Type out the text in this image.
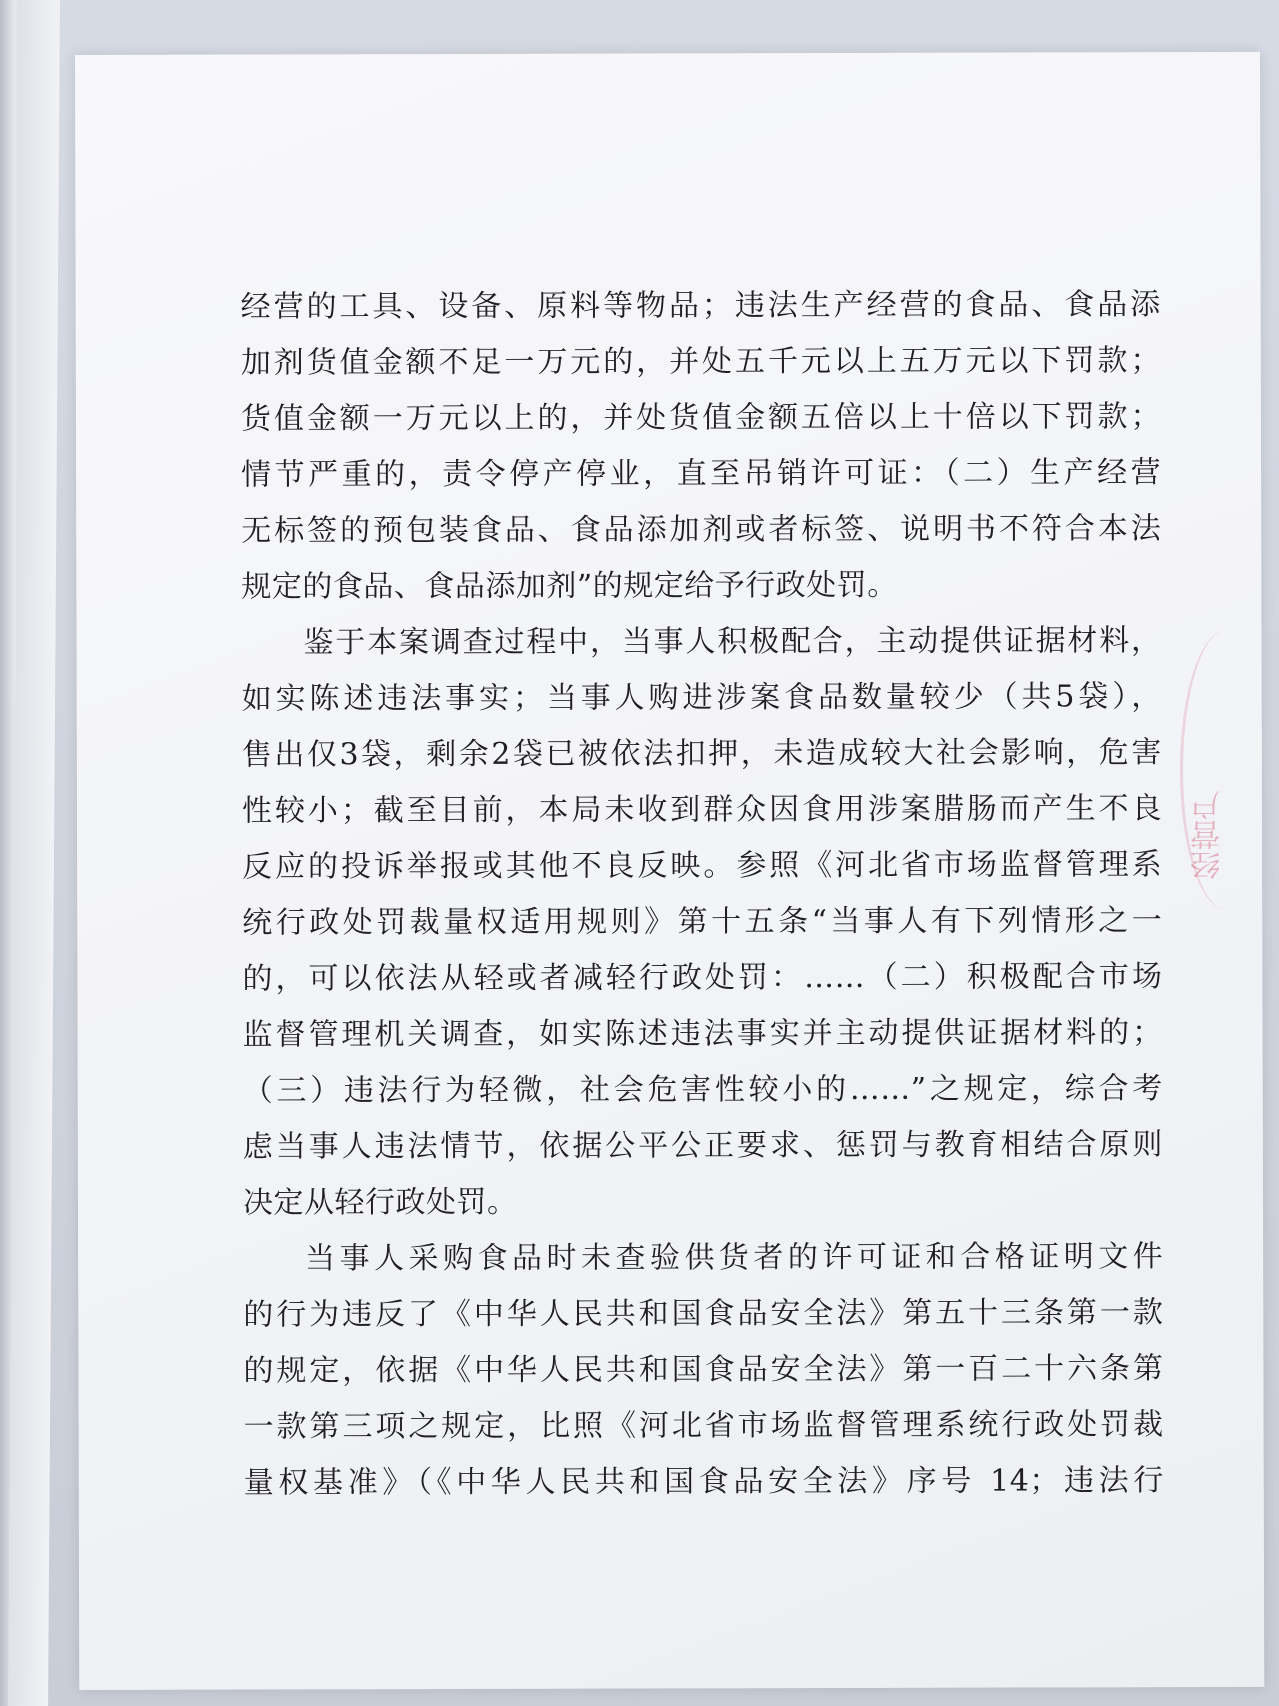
经营的工具、设备、原料等物品；违法生产经营的食品、食品添
加剂货值金额不足一万元的，并处五千元以上五万元以下罚款；
货值金额一万元以上的，并处货值金额五倍以上十倍以下罚款；
情节严重的，责令停产停业，直至吊销许可证：（二）生产经营
无标签的预包装食品、食品添加剂或者标签、说明书不符合本法
规定的食品、食品添加剂”的规定给予行政处罚。
鉴于本案调查过程中，当事人积极配合，主动提供证据材料，
如实陈述违法事实；当事人购进涉案食品数量较少（共5袋），
售出仅3袋，剩余2袋已被依法扣押，未造成较大社会影响，危害
性较小；截至目前，本局未收到群众因食用涉案腊肠而产生不良
反应的投诉举报或其他不良反映。参照《河北省市场监督管理系
统行政处罚裁量权适用规则》第十五条“当事人有下列情形之一
的，可以依法从轻或者减轻行政处罚：……（二）积极配合市场
监督管理机关调查，如实陈述违法事实并主动提供证据材料的；
（三）违法行为轻微，社会危害性较小的……”之规定，综合考
虑当事人违法情节，依据公平公正要求、惩罚与教育相结合原则
决定从轻行政处罚。
当事人采购食品时未查验供货者的许可证和合格证明文件
的行为违反了《中华人民共和国食品安全法》第五十三条第一款
的规定，依据《中华人民共和国食品安全法》第一百二十六条第
一款第三项之规定，比照《河北省市场监督管理系统行政处罚裁
量权基准》（《中华人民共和国食品安全法》序号 14；违法行
经营户
